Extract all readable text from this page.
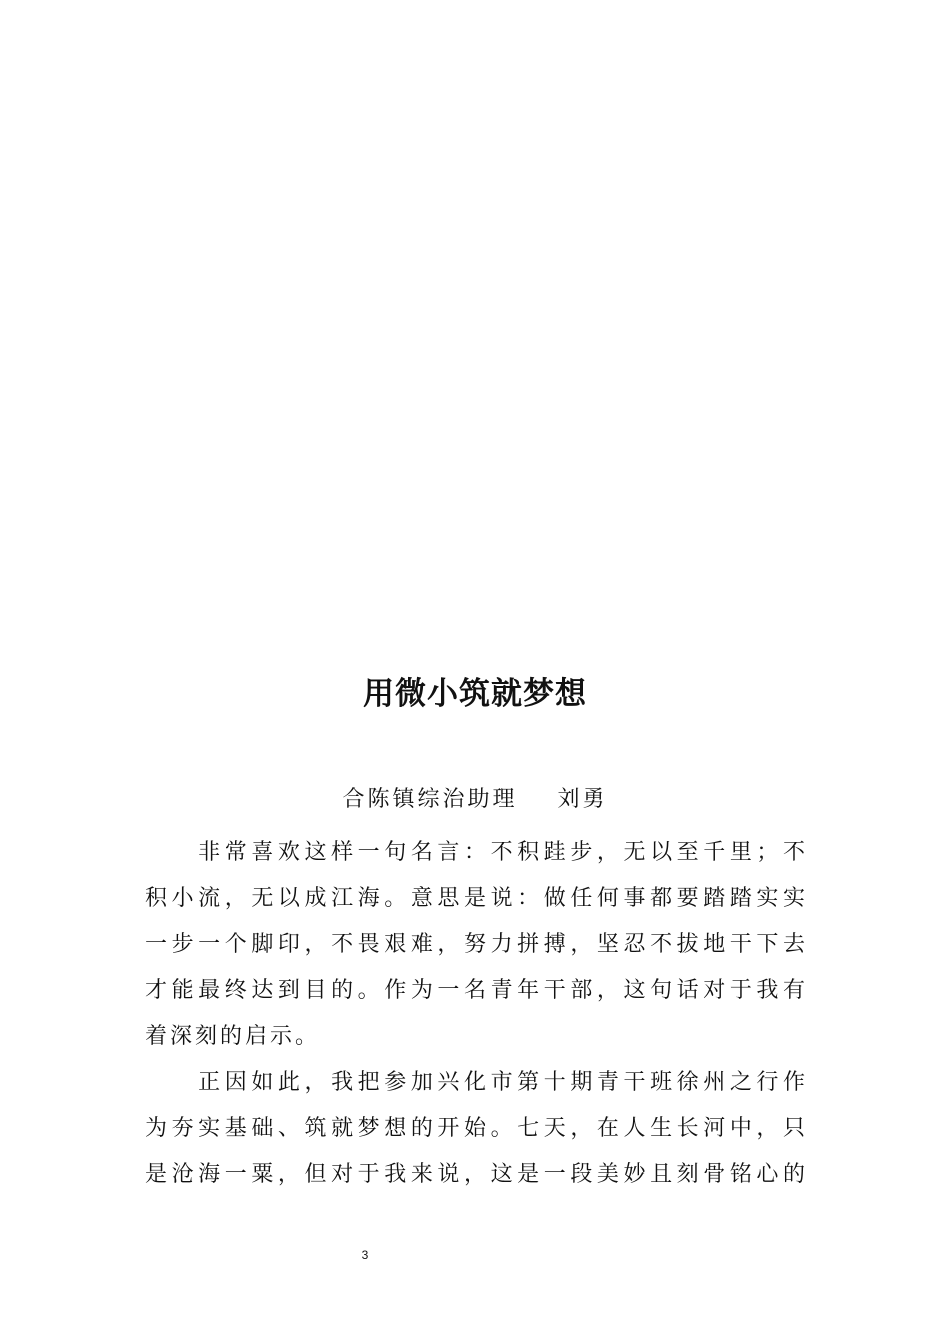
用微小筑就梦想
合陈镇综治助理    刘勇
　　非常喜欢这样一句名言：不积跬步，无以至千里；不
积小流，无以成江海。意思是说：做任何事都要踏踏实实
一步一个脚印，不畏艰难，努力拼搏，坚忍不拔地干下去
才能最终达到目的。作为一名青年干部，这句话对于我有
着深刻的启示。
　　正因如此，我把参加兴化市第十期青干班徐州之行作
为夯实基础、筑就梦想的开始。七天，在人生长河中，只
是沧海一粟，但对于我来说，这是一段美妙且刻骨铭心的
3
